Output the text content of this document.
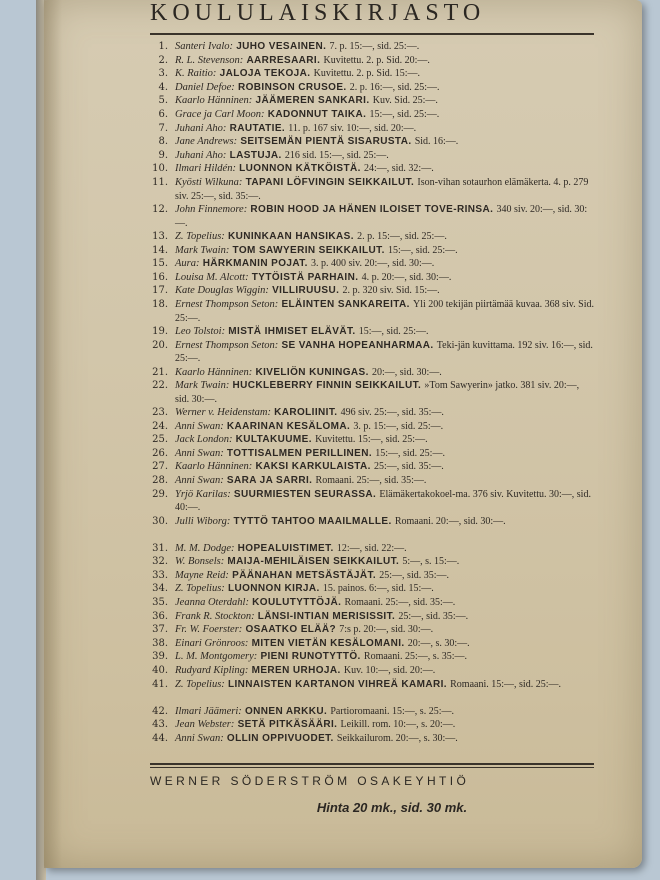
KOULULAISKIRJASTO
1. Santeri Ivalo: JUHO VESAINEN. 7. p. 15:—, sid. 25:—.
2. R. L. Stevenson: AARRESAARI. Kuvitettu. 2. p. Sid. 20:—.
3. K. Raitio: JALOJA TEKOJA. Kuvitettu. 2. p. Sid. 15:—.
4. Daniel Defoe: ROBINSON CRUSOE. 2. p. 16:—, sid. 25:—.
5. Kaarlo Hänninen: JÄÄMEREN SANKARI. Kuv. Sid. 25:—.
6. Grace ja Carl Moon: KADONNUT TAIKA. 15:—, sid. 25:—.
7. Juhani Aho: RAUTATIE. 11. p. 167 siv. 10:—, sid. 20:—.
8. Jane Andrews: SEITSEMÄN PIENTÄ SISARUSTA. Sid. 16:—.
9. Juhani Aho: LASTUJA. 216 sid. 15:—, sid. 25:—.
10. Ilmari Hildén: LUONNON KÄTKÖISTÄ. 24:—, sid. 32:—.
11. Kyösti Wilkuna: TAPANI LÖFVINGIN SEIKKAILUT. Ison-vihan sotaurhon elämäkerta. 4. p. 279 siv. 25:—, sid. 35:—.
12. John Finnemore: ROBIN HOOD JA HÄNEN ILOISET TOVE-RINSA. 340 siv. 20:—, sid. 30:—.
13. Z. Topelius: KUNINKAAN HANSIKAS. 2. p. 15:—, sid. 25:—.
14. Mark Twain: TOM SAWYERIN SEIKKAILUT. 15:—, sid. 25:—.
15. Aura: HÄRKMANIN POJAT. 3. p. 400 siv. 20:—, sid. 30:—.
16. Louisa M. Alcott: TYTÖISTÄ PARHAIN. 4. p. 20:—, sid. 30:—.
17. Kate Douglas Wiggin: VILLIRUUSU. 2. p. 320 siv. Sid. 15:—.
18. Ernest Thompson Seton: ELÄINTEN SANKAREITA. Yli 200 tekijän piirtämää kuvaa. 368 siv. Sid. 25:—.
19. Leo Tolstoi: MISTÄ IHMISET ELÄVÄT. 15:—, sid. 25:—.
20. Ernest Thompson Seton: SE VANHA HOPEANHARMAA. Teki-jän kuvittama. 192 siv. 16:—, sid. 25:—.
21. Kaarlo Hänninen: KIVELIÖN KUNINGAS. 20:—, sid. 30:—.
22. Mark Twain: HUCKLEBERRY FINNIN SEIKKAILUT. »Tom Sawyerin» jatko. 381 siv. 20:—, sid. 30:—.
23. Werner v. Heidenstam: KAROLIINIT. 496 siv. 25:—, sid. 35:—.
24. Anni Swan: KAARINAN KESÄLOMA. 3. p. 15:—, sid. 25:—.
25. Jack London: KULTAKUUME. Kuvitettu. 15:—, sid. 25:—.
26. Anni Swan: TOTTISALMEN PERILLINEN. 15:—, sid. 25:—.
27. Kaarlo Hänninen: KAKSI KARKULAISTA. 25:—, sid. 35:—.
28. Anni Swan: SARA JA SARRI. Romaani. 25:—, sid. 35:—.
29. Yrjö Karilas: SUURMIESTEN SEURASSA. Elämäkertakokoel-ma. 376 siv. Kuvitettu. 30:—, sid. 40:—.
30. Julli Wiborg: TYTTÖ TAHTOO MAAILMALLE. Romaani. 20:—, sid. 30:—.
31. M. M. Dodge: HOPEALUISTIMET. 12:—, sid. 22:—.
32. W. Bonsels: MAIJA-MEHILÄISEN SEIKKAILUT. 5:—, s. 15:—.
33. Mayne Reid: PÄÄNAHAN METSÄSTÄJÄT. 25:—, sid. 35:—.
34. Z. Topelius: LUONNON KIRJA. 15. painos. 6:—, sid. 15:—.
35. Jeanna Oterdahl: KOULUTYTTÖJÄ. Romaani. 25:—, sid. 35:—.
36. Frank R. Stockton: LÄNSI-INTIAN MERISISSIT. 25:—, sid. 35:—.
37. Fr. W. Foerster: OSAATKO ELÄÄ? 7:s p. 20:—, sid. 30:—.
38. Einari Grönroos: MITEN VIETÄN KESÄLOMANI. 20:—, s. 30:—.
39. L. M. Montgomery: PIENI RUNOTYTTÖ. Romaani. 25:—, s. 35:—.
40. Rudyard Kipling: MEREN URHOJA. Kuv. 10:—, sid. 20:—.
41. Z. Topelius: LINNAISTEN KARTANON VIHREÄ KAMARI. Romaani. 15:—, sid. 25:—.
42. Ilmari Jäämeri: ONNEN ARKKU. Partioromaani. 15:—, s. 25:—.
43. Jean Webster: SETÄ PITKÄSÄÄRI. Leikill. rom. 10:—, s. 20:—.
44. Anni Swan: OLLIN OPPIVUODET. Seikkailurom. 20:—, s. 30:—.
WERNER SÖDERSTRÖM OSAKEYHTIÖ
Hinta 20 mk., sid. 30 mk.
